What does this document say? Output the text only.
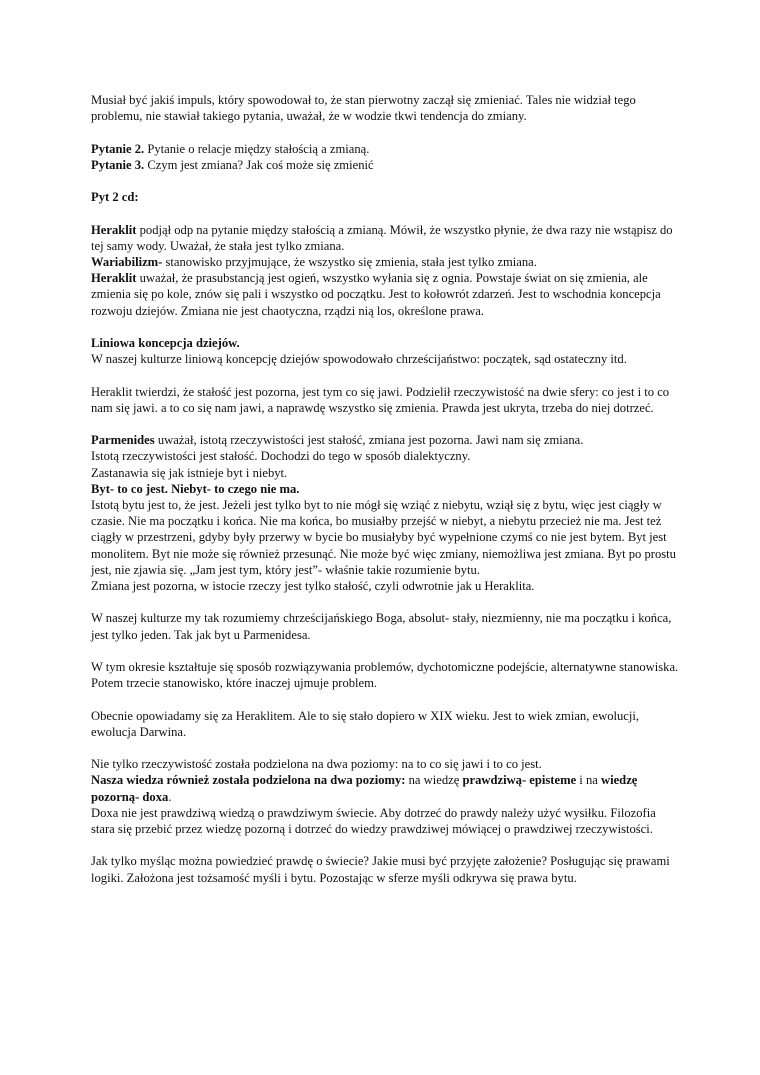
Musiał być jakiś impuls, który spowodował to, że stan pierwotny zaczął się zmieniać. Tales nie widział tego problemu, nie stawiał takiego pytania, uważał, że w wodzie tkwi tendencja do zmiany.

Pytanie 2. Pytanie o relacje między stałością a zmianą.

Pytanie 3. Czym jest zmiana? Jak coś może się zmienić

Pyt 2 cd:

Heraklit podjął odp na pytanie między stałością a zmianą. Mówił, że wszystko płynie, że dwa razy nie wstąpisz do tej samy wody. Uważał, że stała jest tylko zmiana.

Wariabilizm- stanowisko przyjmujące, że wszystko się zmienia, stała jest tylko zmiana.

Heraklit uważał, że prasubstancją jest ogień, wszystko wyłania się z ognia. Powstaje świat on się zmienia, ale zmienia się po kole, znów się pali i wszystko od początku. Jest to kołowrót zdarzeń. Jest to wschodnia koncepcja rozwoju dziejów. Zmiana nie jest chaotyczna, rządzi nią los, określone prawa.

Liniowa koncepcja dziejów.

W naszej kulturze liniową koncepcję dziejów spowodowało chrześcijaństwo: początek, sąd ostateczny itd.

Heraklit twierdzi, że stałość jest pozorna, jest tym co się jawi. Podzielił rzeczywistość na dwie sfery: co jest i to co nam się jawi. a to co się nam jawi, a naprawdę wszystko się zmienia. Prawda jest ukryta, trzeba do niej dotrzeć.

Parmenides uważał, istotą rzeczywistości jest stałość, zmiana jest pozorna. Jawi nam się zmiana.

Istotą rzeczywistości jest stałość. Dochodzi do tego w sposób dialektyczny.

Zastanawia się jak istnieje byt i niebyt.

Byt- to co jest. Niebyt- to czego nie ma.

Istotą bytu jest to, że jest. Jeżeli jest tylko byt to nie mógł się wziąć z niebytu, wziął się z bytu, więc jest ciągły w czasie. Nie ma początku i końca. Nie ma końca, bo musiałby przejść w niebyt, a niebytu przecież nie ma. Jest też ciągły w przestrzeni, gdyby były przerwy w bycie bo musiałyby być wypełnione czymś co nie jest bytem. Byt jest monolitem. Byt nie może się również przesunąć. Nie może być więc zmiany, niemożliwa jest zmiana. Byt po prostu jest, nie zjawia się. „Jam jest tym, który jest”- właśnie takie rozumienie bytu.

Zmiana jest pozorna, w istocie rzeczy jest tylko stałość, czyli odwrotnie jak u Heraklita.

W naszej kulturze my tak rozumiemy chrześcijańskiego Boga, absolut- stały, niezmienny, nie ma początku i końca, jest tylko jeden. Tak jak byt u Parmenidesa.

W tym okresie kształtuje się sposób rozwiązywania problemów, dychotomiczne podejście, alternatywne stanowiska.

Potem trzecie stanowisko, które inaczej ujmuje problem.

Obecnie opowiadamy się za Heraklitem. Ale to się stało dopiero w XIX wieku. Jest to wiek zmian, ewolucji, ewolucja Darwina.

Nie tylko rzeczywistość została podzielona na dwa poziomy: na to co się jawi i to co jest.

Nasza wiedza również została podzielona na dwa poziomy: na wiedzę prawdziwą- episteme i na wiedzę pozorną- doxa.

Doxa nie jest prawdziwą wiedzą o prawdziwym świecie. Aby dotrzeć do prawdy należy użyć wysiłku. Filozofia stara się przebić przez wiedzę pozorną i dotrzeć do wiedzy prawdziwej mówiącej o prawdziwej rzeczywistości.

Jak tylko myśląc można powiedzieć prawdę o świecie? Jakie musi być przyjęte założenie? Posługując się prawami logiki. Założona jest tożsamość myśli i bytu. Pozostając w sferze myśli odkrywa się prawa bytu.
